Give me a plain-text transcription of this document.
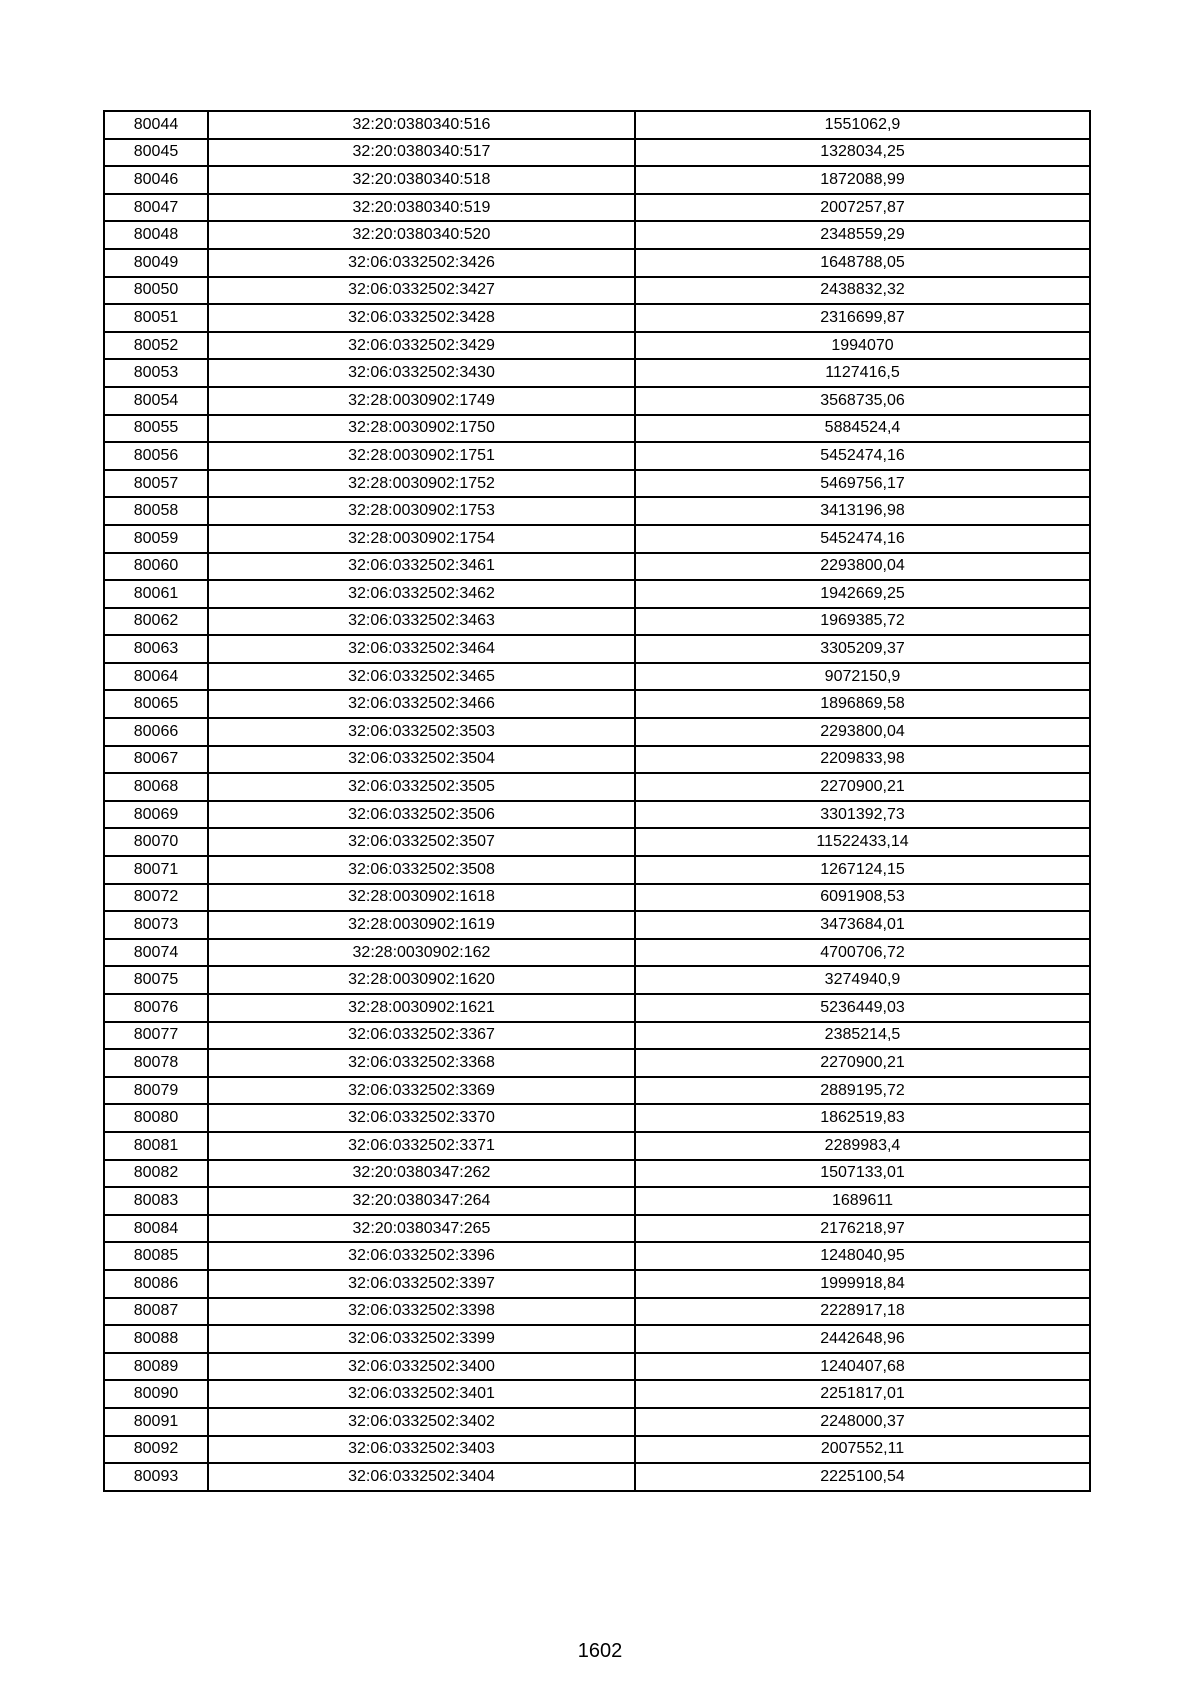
80044	32:20:0380340:516	1551062,9
80045	32:20:0380340:517	1328034,25
80046	32:20:0380340:518	1872088,99
80047	32:20:0380340:519	2007257,87
80048	32:20:0380340:520	2348559,29
80049	32:06:0332502:3426	1648788,05
80050	32:06:0332502:3427	2438832,32
80051	32:06:0332502:3428	2316699,87
80052	32:06:0332502:3429	1994070
80053	32:06:0332502:3430	1127416,5
80054	32:28:0030902:1749	3568735,06
80055	32:28:0030902:1750	5884524,4
80056	32:28:0030902:1751	5452474,16
80057	32:28:0030902:1752	5469756,17
80058	32:28:0030902:1753	3413196,98
80059	32:28:0030902:1754	5452474,16
80060	32:06:0332502:3461	2293800,04
80061	32:06:0332502:3462	1942669,25
80062	32:06:0332502:3463	1969385,72
80063	32:06:0332502:3464	3305209,37
80064	32:06:0332502:3465	9072150,9
80065	32:06:0332502:3466	1896869,58
80066	32:06:0332502:3503	2293800,04
80067	32:06:0332502:3504	2209833,98
80068	32:06:0332502:3505	2270900,21
80069	32:06:0332502:3506	3301392,73
80070	32:06:0332502:3507	11522433,14
80071	32:06:0332502:3508	1267124,15
80072	32:28:0030902:1618	6091908,53
80073	32:28:0030902:1619	3473684,01
80074	32:28:0030902:162	4700706,72
80075	32:28:0030902:1620	3274940,9
80076	32:28:0030902:1621	5236449,03
80077	32:06:0332502:3367	2385214,5
80078	32:06:0332502:3368	2270900,21
80079	32:06:0332502:3369	2889195,72
80080	32:06:0332502:3370	1862519,83
80081	32:06:0332502:3371	2289983,4
80082	32:20:0380347:262	1507133,01
80083	32:20:0380347:264	1689611
80084	32:20:0380347:265	2176218,97
80085	32:06:0332502:3396	1248040,95
80086	32:06:0332502:3397	1999918,84
80087	32:06:0332502:3398	2228917,18
80088	32:06:0332502:3399	2442648,96
80089	32:06:0332502:3400	1240407,68
80090	32:06:0332502:3401	2251817,01
80091	32:06:0332502:3402	2248000,37
80092	32:06:0332502:3403	2007552,11
80093	32:06:0332502:3404	2225100,54
1602
